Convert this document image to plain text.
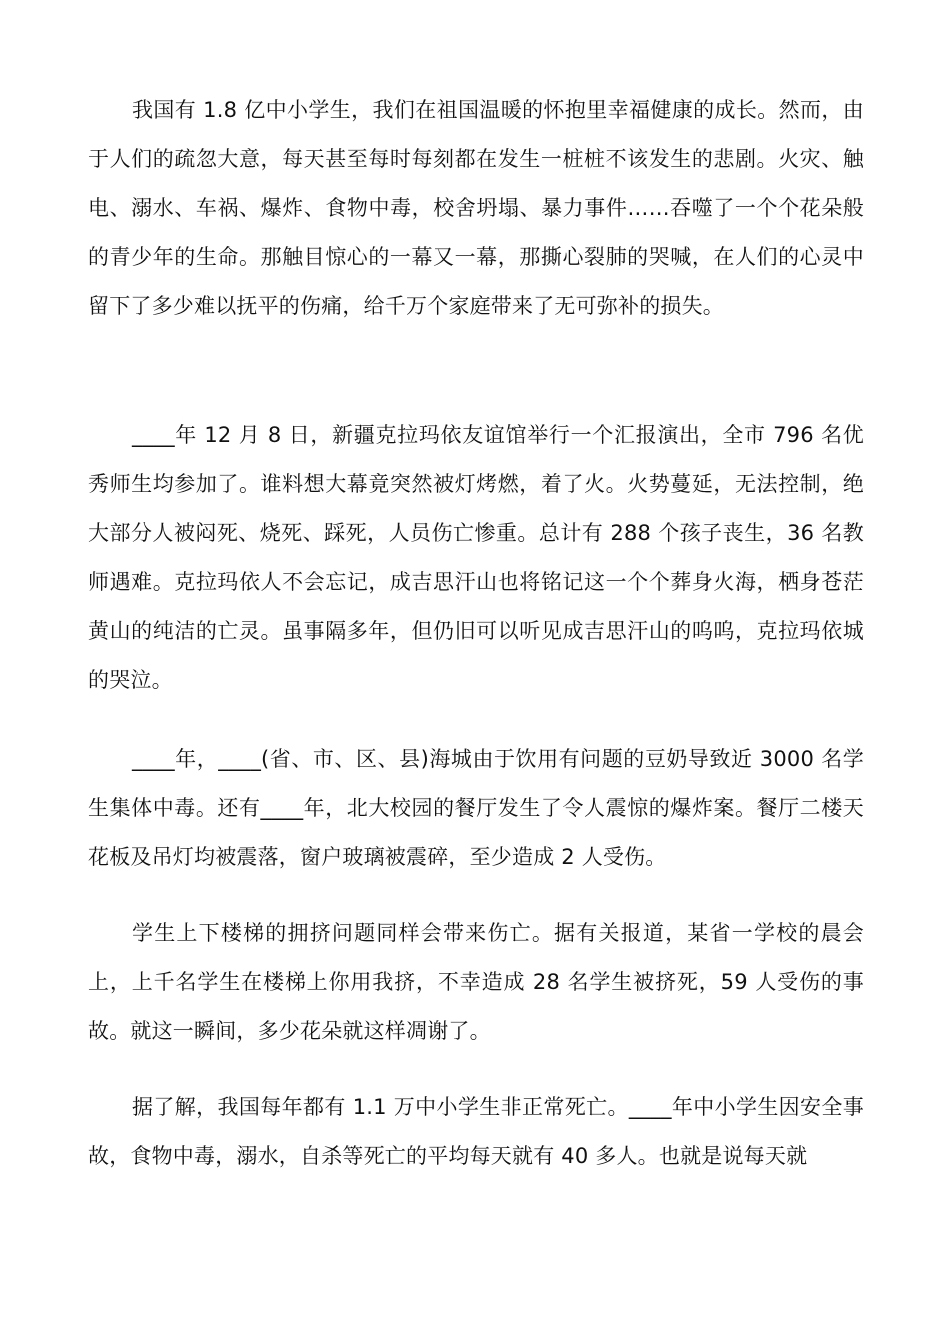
我国有 1.8 亿中小学生，我们在祖国温暖的怀抱里幸福健康的成长。然而，由于人们的疏忽大意，每天甚至每时每刻都在发生一桩桩不该发生的悲剧。火灾、触电、溺水、车祸、爆炸、食物中毒，校舍坍塌、暴力事件……吞噬了一个个花朵般的青少年的生命。那触目惊心的一幕又一幕，那撕心裂肺的哭喊，在人们的心灵中留下了多少难以抚平的伤痛，给千万个家庭带来了无可弥补的损失。

____年 12 月 8 日，新疆克拉玛依友谊馆举行一个汇报演出，全市 796 名优秀师生均参加了。谁料想大幕竟突然被灯烤燃，着了火。火势蔓延，无法控制，绝大部分人被闷死、烧死、踩死，人员伤亡惨重。总计有 288 个孩子丧生，36 名教师遇难。克拉玛依人不会忘记，成吉思汗山也将铭记这一个个葬身火海，栖身苍茫黄山的纯洁的亡灵。虽事隔多年，但仍旧可以听见成吉思汗山的呜呜，克拉玛依城的哭泣。

____年，____(省、市、区、县)海城由于饮用有问题的豆奶导致近 3000 名学生集体中毒。还有____年，北大校园的餐厅发生了令人震惊的爆炸案。餐厅二楼天花板及吊灯均被震落，窗户玻璃被震碎，至少造成 2 人受伤。

学生上下楼梯的拥挤问题同样会带来伤亡。据有关报道，某省一学校的晨会上，上千名学生在楼梯上你用我挤，不幸造成 28 名学生被挤死，59 人受伤的事故。就这一瞬间，多少花朵就这样凋谢了。

据了解，我国每年都有 1.1 万中小学生非正常死亡。____年中小学生因安全事故，食物中毒，溺水，自杀等死亡的平均每天就有 40 多人。也就是说每天就
